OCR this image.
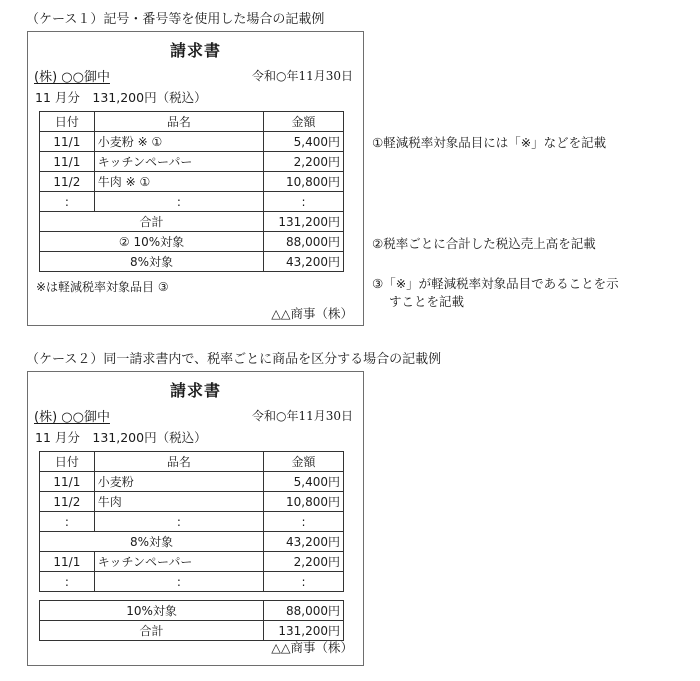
（ケース１）記号・番号等を使用した場合の記載例
請求書
(株) ○○御中	令和○年11月30日
11 月分　131,200円（税込）
日付	品名	金額
11/1	小麦粉 ※ ①	5,400円
11/1	キッチンペーパー	2,200円
11/2	牛肉 ※ ①	10,800円
:	:	:
合計		131,200円
② 10%対象		88,000円
8%対象		43,200円
※は軽減税率対象品目 ③
△△商事（株）
①軽減税率対象品目には「※」などを記載
②税率ごとに合計した税込売上高を記載
③「※」が軽減税率対象品目であることを示
すことを記載
（ケース２）同一請求書内で、税率ごとに商品を区分する場合の記載例
請求書
(株) ○○御中	令和○年11月30日
11 月分　131,200円（税込）
日付	品名	金額
11/1	小麦粉	5,400円
11/2	牛肉	10,800円
:	:	:
8%対象		43,200円
11/1	キッチンペーパー	2,200円
:	:	:

10%対象		88,000円
合計		131,200円
△△商事（株）
